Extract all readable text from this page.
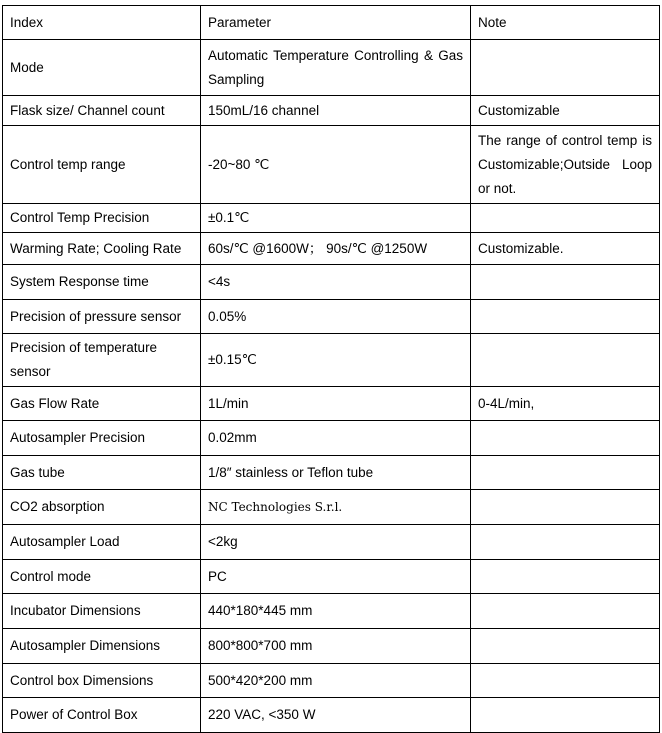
Index	Parameter	Note
Mode	Automatic Temperature Controlling & Gas Sampling	
Flask size/ Channel count	150mL/16 channel	Customizable
Control temp range	-20~80 ℃	The range of control temp is Customizable;Outside Loop or not.
Control Temp Precision	±0.1℃	
Warming Rate; Cooling Rate	60s/℃ @1600W； 90s/℃ @1250W	Customizable.
System Response time	<4s	
Precision of pressure sensor	0.05%	
Precision of temperature sensor	±0.15℃	
Gas Flow Rate	1L/min	0-4L/min,
Autosampler Precision	0.02mm	
Gas tube	1/8″ stainless or Teflon tube	
CO2 absorption	NC Technologies S.r.l.	
Autosampler Load	<2kg	
Control mode	PC	
Incubator Dimensions	440*180*445 mm	
Autosampler Dimensions	800*800*700 mm	
Control box Dimensions	500*420*200 mm	
Power of Control Box	220 VAC, <350 W	
